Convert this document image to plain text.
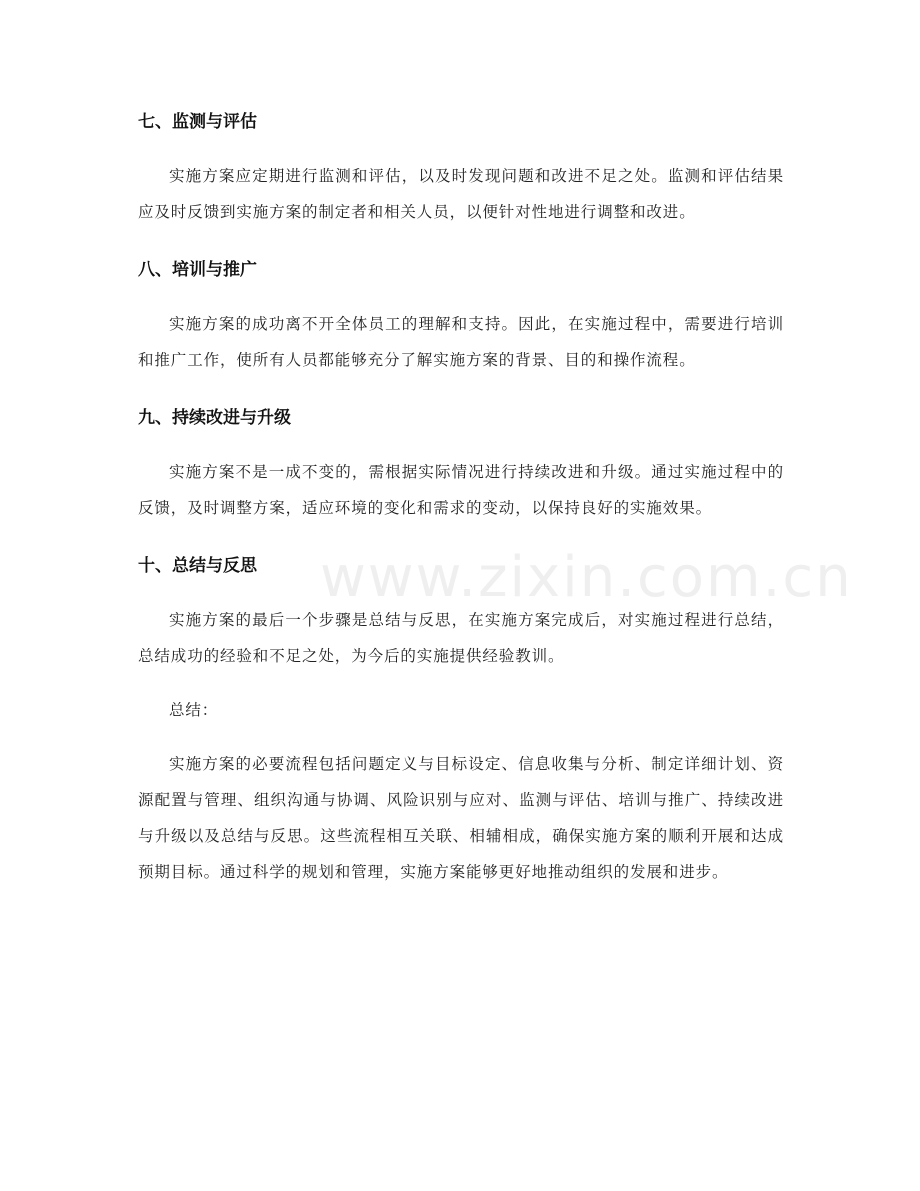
www.zixin.com.cn
七、监测与评估

实施方案应定期进行监测和评估，以及时发现问题和改进不足之处。监测和评估结果应及时反馈到实施方案的制定者和相关人员，以便针对性地进行调整和改进。

八、培训与推广

实施方案的成功离不开全体员工的理解和支持。因此，在实施过程中，需要进行培训和推广工作，使所有人员都能够充分了解实施方案的背景、目的和操作流程。

九、持续改进与升级

实施方案不是一成不变的，需根据实际情况进行持续改进和升级。通过实施过程中的反馈，及时调整方案，适应环境的变化和需求的变动，以保持良好的实施效果。

十、总结与反思

实施方案的最后一个步骤是总结与反思，在实施方案完成后，对实施过程进行总结，总结成功的经验和不足之处，为今后的实施提供经验教训。

总结：

实施方案的必要流程包括问题定义与目标设定、信息收集与分析、制定详细计划、资源配置与管理、组织沟通与协调、风险识别与应对、监测与评估、培训与推广、持续改进与升级以及总结与反思。这些流程相互关联、相辅相成，确保实施方案的顺利开展和达成预期目标。通过科学的规划和管理，实施方案能够更好地推动组织的发展和进步。
